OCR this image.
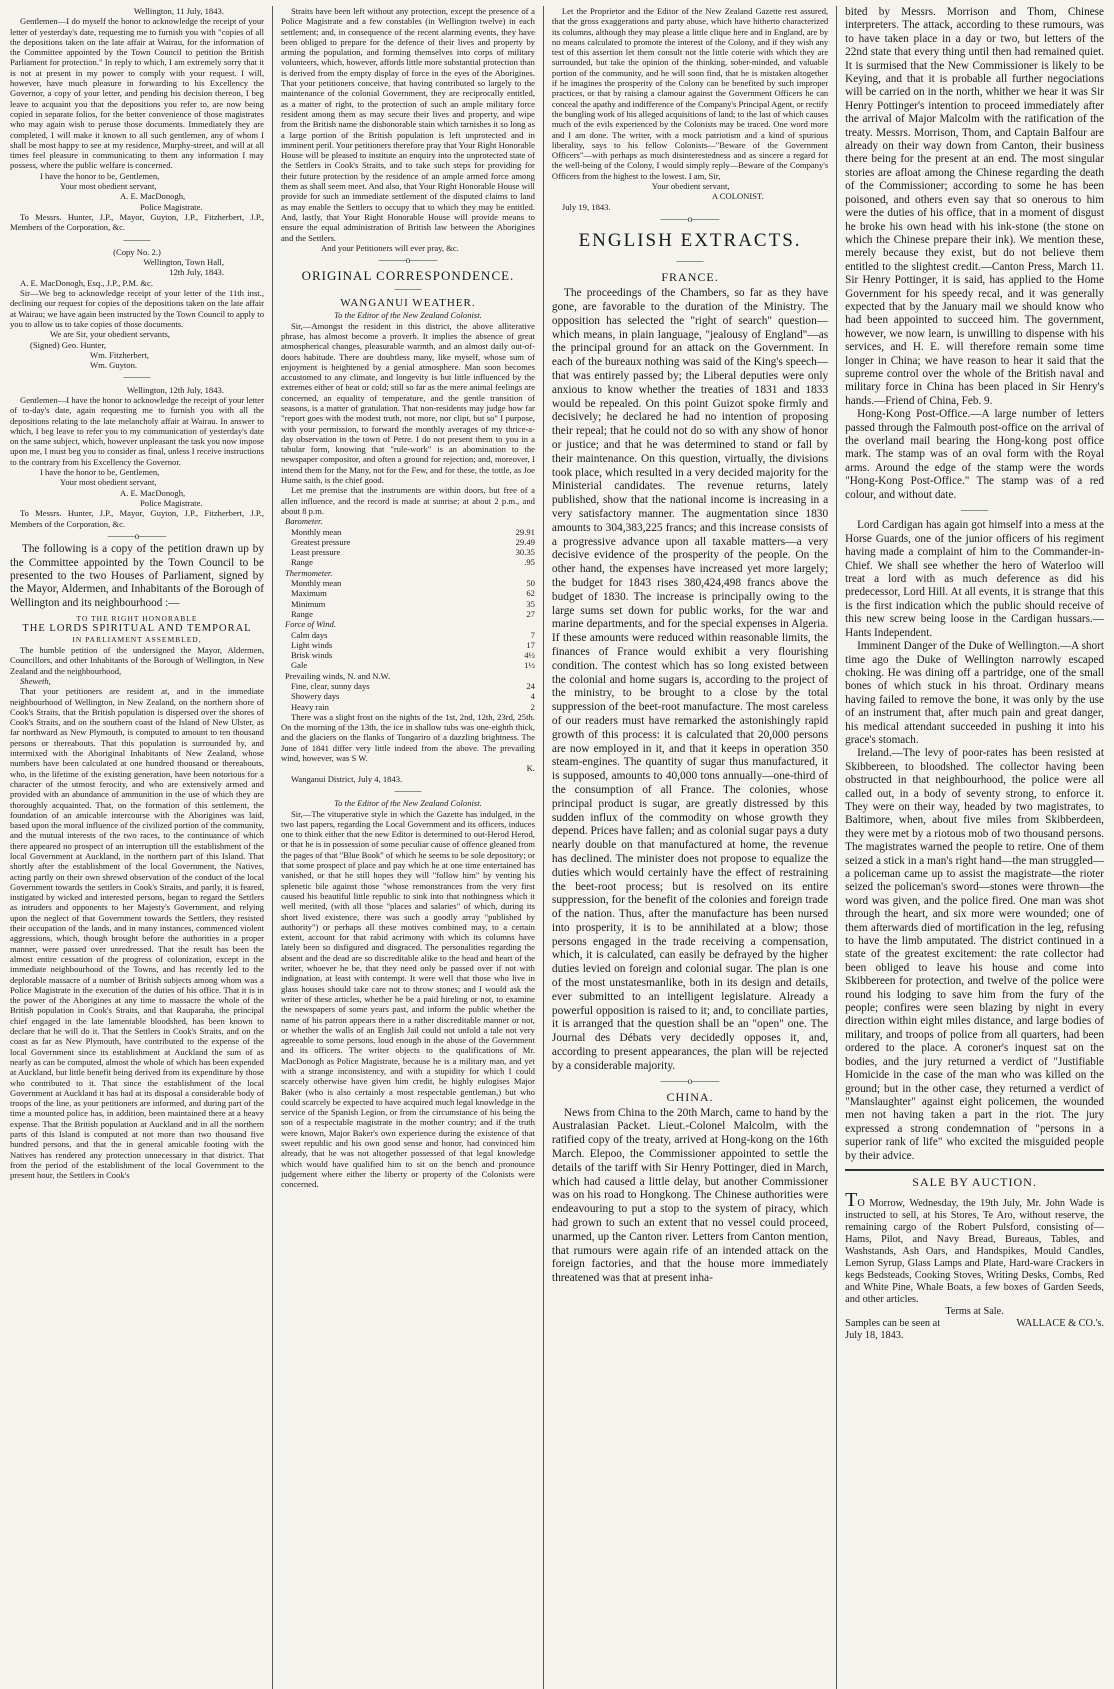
Wellington, 11 July, 1843.

Gentlemen—I do myself the honor to acknowledge the receipt of your letter of yesterday's date, requesting me to furnish you with "copies of all the depositions taken on the late affair at Wairau, for the information of the Committee appointed by the Town Council to petition the British Parliament for protection." In reply to which, I am extremely sorry that it is not at present in my power to comply with your request. I will, however, have much pleasure in forwarding to his Excellency the Governor, a copy of your letter, and pending his decision thereon, I beg leave to acquaint you that the depositions you refer to, are now being copied in separate folios, for the better convenience of those magistrates who may again wish to peruse those documents. Immediately they are completed, I will make it known to all such gentlemen, any of whom I shall be most happy to see at my residence, Murphy-street, and will at all times feel pleasure in communicating to them any information I may possess, where the public welfare is concerned.

I have the honor to be, Gentlemen,

Your most obedient servant,

A. E. MacDonogh,

Police Magistrate.

To Messrs. Hunter, J.P., Mayor, Guyton, J.P., Fitzherbert, J.P., Members of the Corporation, &c.

———

(Copy No. 2.)

Wellington, Town Hall,

12th July, 1843.

A. E. MacDonogh, Esq., J.P., P.M. &c.

Sir—We beg to acknowledge receipt of your letter of the 11th inst., declining our request for copies of the depositions taken on the late affair at Wairau; we have again been instructed by the Town Council to apply to you to allow us to take copies of those documents.

We are Sir, your obedient servants,

(Signed) Geo. Hunter,

Wm. Fitzherbert,

Wm. Guyton.

———

Wellington, 12th July, 1843.

Gentlemen—I have the honor to acknowledge the receipt of your letter of to-day's date, again requesting me to furnish you with all the depositions relating to the late melancholy affair at Wairau. In answer to which, I beg leave to refer you to my communication of yesterday's date on the same subject, which, however unpleasant the task you now impose upon me, I must beg you to consider as final, unless I receive instructions to the contrary from his Excellency the Governor.

I have the honor to be, Gentlemen,

Your most obedient servant,

A. E. MacDonogh,

Police Magistrate.

To Messrs. Hunter, J.P., Mayor, Guyton, J.P., Fitzherbert, J.P., Members of the Corporation, &c.

———o———

The following is a copy of the petition drawn up by the Committee appointed by the Town Council to be presented to the two Houses of Parliament, signed by the Mayor, Aldermen, and Inhabitants of the Borough of Wellington and its neighbourhood :—

TO THE RIGHT HONORABLE

THE LORDS SPIRITUAL AND TEMPORAL

IN PARLIAMENT ASSEMBLED,

The humble petition of the undersigned the Mayor, Aldermen, Councillors, and other Inhabitants of the Borough of Wellington, in New Zealand and the neighbourhood,

Sheweth,

That your petitioners are resident at, and in the immediate neighbourhood of Wellington, in New Zealand, on the northern shore of Cook's Straits, that the British population is dispersed over the shores of Cook's Straits, and on the southern coast of the Island of New Ulster, as far northward as New Plymouth, is computed to amount to ten thousand persons or thereabouts. That this population is surrounded by, and intermixed with the Aboriginal Inhabitants of New Zealand, whose numbers have been calculated at one hundred thousand or thereabouts, who, in the lifetime of the existing generation, have been notorious for a character of the utmost ferocity, and who are extensively armed and provided with an abundance of ammunition in the use of which they are thoroughly acquainted. That, on the formation of this settlement, the foundation of an amicable intercourse with the Aborigines was laid, based upon the moral influence of the civilized portion of the community, and the mutual interests of the two races, to the continuance of which there appeared no prospect of an interruption till the establishment of the local Government at Auckland, in the northern part of this Island. That shortly after the establishment of the local Government, the Natives, acting partly on their own shrewd observation of the conduct of the local Government towards the settlers in Cook's Straits, and partly, it is feared, instigated by wicked and interested persons, began to regard the Settlers as intruders and opponents to her Majesty's Government, and relying upon the neglect of that Government towards the Settlers, they resisted their occupation of the lands, and in many instances, commenced violent aggressions, which, though brought before the authorities in a proper manner, were passed over unredressed. That the result has been the almost entire cessation of the progress of colonization, except in the immediate neighbourhood of the Towns, and has recently led to the deplorable massacre of a number of British subjects among whom was a Police Magistrate in the execution of the duties of his office. That it is in the power of the Aborigines at any time to massacre the whole of the British population in Cook's Straits, and that Rauparaha, the principal chief engaged in the late lamentable bloodshed, has been known to declare that he will do it. That the Settlers in Cook's Straits, and on the coast as far as New Plymouth, have contributed to the expense of the local Government since its establishment at Auckland the sum of as nearly as can be computed, almost the whole of which has been expended at Auckland, but little benefit being derived from its expenditure by those who contributed to it. That since the establishment of the local Government at Auckland it has had at its disposal a considerable body of troops of the line, as your petitioners are informed, and during part of the time a mounted police has, in addition, been maintained there at a heavy expense. That the British population at Auckland and in all the northern parts of this Island is computed at not more than two thousand five hundred persons, and that the in general amicable footing with the Natives has rendered any protection unnecessary in that district. That from the period of the establishment of the local Government to the present hour, the Settlers in Cook's

Straits have been left without any protection, except the presence of a Police Magistrate and a few constables (in Wellington twelve) in each settlement; and, in consequence of the recent alarming events, they have been obliged to prepare for the defence of their lives and property by arming the population, and forming themselves into corps of military volunteers, which, however, affords little more substantial protection than is derived from the empty display of force in the eyes of the Aborigines. That your petitioners conceive, that having contributed so largely to the maintenance of the colonial Government, they are reciprocally entitled, as a matter of right, to the protection of such an ample military force resident among them as may secure their lives and property, and wipe from the British name the dishonorable stain which tarnishes it so long as a large portion of the British population is left unprotected and in imminent peril. Your petitioners therefore pray that Your Right Honorable House will be pleased to institute an enquiry into the unprotected state of the Settlers in Cook's Straits, and to take such steps for providing for their future protection by the residence of an ample armed force among them as shall seem meet. And also, that Your Right Honorable House will provide for such an immediate settlement of the disputed claims to land as may enable the Settlers to occupy that to which they may be entitled. And, lastly, that Your Right Honorable House will provide means to ensure the equal administration of British law between the Aborigines and the Settlers.

And your Petitioners will ever pray, &c.

———o———
ORIGINAL CORRESPONDENCE.
———
WANGANUI WEATHER.

To the Editor of the New Zealand Colonist.

Sir,—Amongst the resident in this district, the above alliterative phrase, has almost become a proverb. It implies the absence of great atmospherical changes, pleasurable warmth, and an almost daily out-of-doors habitude. There are doubtless many, like myself, whose sum of enjoyment is heightened by a genial atmosphere. Man soon becomes accustomed to any climate, and longevity is but little influenced by the extremes either of heat or cold; still so far as the mere animal feelings are concerned, an equality of temperature, and the gentle transition of seasons, is a matter of gratulation. That non-residents may judge how far "report goes with the modest truth, not more, nor clipt, but so" I purpose, with your permission, to forward the monthly averages of my thrice-a-day observation in the town of Petre. I do not present them to you in a tabular form, knowing that "rule-work" is an abomination to the newspaper compositor, and often a ground for rejection; and, moreover, I intend them for the Many, not for the Few, and for these, the tottle, as Joe Hume saith, is the chief good.

Let me premise that the instruments are within doors, but free of a allen influence, and the record is made at sunrise; at about 2 p.m., and about 8 p.m.

Barometer.
Monthly mean	29.91
Greatest pressure	29.49
Least pressure	30.35
Range	.95
Thermometer.
Monthly mean	50
Maximum	62
Minimum	35
Range	27
Force of Wind.
Calm days	7
Light winds	17
Brisk winds	4½
Gale	1½
Prevailing winds, N. and N.W.
Fine, clear, sunny days	24
Showery days	4
Heavy rain	2

There was a slight frost on the nights of the 1st, 2nd, 12th, 23rd, 25th. On the morning of the 13th, the ice in shallow tubs was one-eighth thick, and the glaciers on the flanks of Tongariro of a dazzling brightness. The June of 1841 differ very little indeed from the above. The prevailing wind, however, was S W.

K.

Wanganui District, July 4, 1843.

———

To the Editor of the New Zealand Colonist.

Sir,—The vituperative style in which the Gazette has indulged, in the two last papers, regarding the Local Government and its officers, induces one to think either that the new Editor is determined to out-Herod Herod, or that he is in possession of some peculiar cause of offence gleaned from the pages of that "Blue Book" of which he seems to be sole depository; or that some prospect of place and pay which he at one time entertained has vanished, or that he still hopes they will "follow him" by venting his splenetic bile against those "whose remonstrances from the very first caused his beautiful little republic to sink into that nothingness which it well merited, (with all those "places and salaries" of which, during its short lived existence, there was such a goodly array "published by authority") or perhaps all these motives combined may, to a certain extent, account for that rabid acrimony with which its columns have lately been so disfigured and disgraced. The personalities regarding the absent and the dead are so discreditable alike to the head and heart of the writer, whoever he be, that they need only be passed over if not with indignation, at least with contempt. It were well that those who live in glass houses should take care not to throw stones; and I would ask the writer of these articles, whether he be a paid hireling or not, to examine the newspapers of some years past, and inform the public whether the name of his patron appears there in a rather discreditable manner or not, or whether the walls of an English Jail could not unfold a tale not very agreeable to some persons, loud enough in the abuse of the Government and its officers. The writer objects to the qualifications of Mr. MacDonogh as Police Magistrate, because he is a military man, and yet with a strange inconsistency, and with a stupidity for which I could scarcely otherwise have given him credit, he highly eulogises Major Baker (who is also certainly a most respectable gentleman,) but who could scarcely be expected to have acquired much legal knowledge in the service of the Spanish Legion, or from the circumstance of his being the son of a respectable magistrate in the mother country; and if the truth were known, Major Baker's own experience during the existence of that sweet republic and his own good sense and honor, had convinced him already, that he was not altogether possessed of that legal knowledge which would have qualified him to sit on the bench and pronounce judgement where either the liberty or property of the Colonists were concerned.

Let the Proprietor and the Editor of the New Zealand Gazette rest assured, that the gross exaggerations and party abuse, which have hitherto characterized its columns, although they may please a little clique here and in England, are by no means calculated to promote the interest of the Colony, and if they wish any test of this assertion let them consult not the little coterie with which they are surrounded, but take the opinion of the thinking, sober-minded, and valuable portion of the community, and he will soon find, that he is mistaken altogether if he imagines the prosperity of the Colony can be benefited by such improper practices, or that by raising a clamour against the Government Officers he can conceal the apathy and indifference of the Company's Principal Agent, or rectify the bungling work of his alleged acquisitions of land; to the last of which causes much of the evils experienced by the Colonists may be traced. One word more and I am done. The writer, with a mock patriotism and a kind of spurious liberality, says to his fellow Colonists—"Beware of the Government Officers"—with perhaps as much disinterestedness and as sincere a regard for the well-being of the Colony, I would simply reply—Beware of the Company's Officers from the highest to the lowest. I am, Sir,

Your obedient servant,

A COLONIST.

July 19, 1843.

———o———
ENGLISH EXTRACTS.
———
FRANCE.

The proceedings of the Chambers, so far as they have gone, are favorable to the duration of the Ministry. The opposition has selected the "right of search" question—which means, in plain language, "jealousy of England"—as the principal ground for an attack on the Government. In each of the bureaux nothing was said of the King's speech—that was entirely passed by; the Liberal deputies were only anxious to know whether the treaties of 1831 and 1833 would be repealed. On this point Guizot spoke firmly and decisively; he declared he had no intention of proposing their repeal; that he could not do so with any show of honor or justice; and that he was determined to stand or fall by their maintenance. On this question, virtually, the divisions took place, which resulted in a very decided majority for the Ministerial candidates. The revenue returns, lately published, show that the national income is increasing in a very satisfactory manner. The augmentation since 1830 amounts to 304,383,225 francs; and this increase consists of a progressive advance upon all taxable matters—a very decisive evidence of the prosperity of the people. On the other hand, the expenses have increased yet more largely; the budget for 1843 rises 380,424,498 francs above the budget of 1830. The increase is principally owing to the large sums set down for public works, for the war and marine departments, and for the special expenses in Algeria. If these amounts were reduced within reasonable limits, the finances of France would exhibit a very flourishing condition. The contest which has so long existed between the colonial and home sugars is, according to the project of the ministry, to be brought to a close by the total suppression of the beet-root manufacture. The most careless of our readers must have remarked the astonishingly rapid growth of this process: it is calculated that 20,000 persons are now employed in it, and that it keeps in operation 350 steam-engines. The quantity of sugar thus manufactured, it is supposed, amounts to 40,000 tons annually—one-third of the consumption of all France. The colonies, whose principal product is sugar, are greatly distressed by this sudden influx of the commodity on whose growth they depend. Prices have fallen; and as colonial sugar pays a duty nearly double on that manufactured at home, the revenue has declined. The minister does not propose to equalize the duties which would certainly have the effect of restraining the beet-root process; but is resolved on its entire suppression, for the benefit of the colonies and foreign trade of the nation. Thus, after the manufacture has been nursed into prosperity, it is to be annihilated at a blow; those persons engaged in the trade receiving a compensation, which, it is calculated, can easily be defrayed by the higher duties levied on foreign and colonial sugar. The plan is one of the most unstatesmanlike, both in its design and details, ever submitted to an intelligent legislature. Already a powerful opposition is raised to it; and, to conciliate parties, it is arranged that the question shall be an "open" one. The Journal des Débats very decidedly opposes it, and, according to present appearances, the plan will be rejected by a considerable majority.

———o———
CHINA.

News from China to the 20th March, came to hand by the Australasian Packet. Lieut.-Colonel Malcolm, with the ratified copy of the treaty, arrived at Hong-kong on the 16th March. Elepoo, the Commissioner appointed to settle the details of the tariff with Sir Henry Pottinger, died in March, which had caused a little delay, but another Commissioner was on his road to Hongkong. The Chinese authorities were endeavouring to put a stop to the system of piracy, which had grown to such an extent that no vessel could proceed, unarmed, up the Canton river. Letters from Canton mention, that rumours were again rife of an intended attack on the foreign factories, and that the house more immediately threatened was that at present inha-

bited by Messrs. Morrison and Thom, Chinese interpreters. The attack, according to these rumours, was to have taken place in a day or two, but letters of the 22nd state that every thing until then had remained quiet. It is surmised that the New Commissioner is likely to be Keying, and that it is probable all further negociations will be carried on in the north, whither we hear it was Sir Henry Pottinger's intention to proceed immediately after the arrival of Major Malcolm with the ratification of the treaty. Messrs. Morrison, Thom, and Captain Balfour are already on their way down from Canton, their business there being for the present at an end. The most singular stories are afloat among the Chinese regarding the death of the Commissioner; according to some he has been poisoned, and others even say that so onerous to him were the duties of his office, that in a moment of disgust he broke his own head with his ink-stone (the stone on which the Chinese prepare their ink). We mention these, merely because they exist, but do not believe them entitled to the slightest credit.—Canton Press, March 11. Sir Henry Pottinger, it is said, has applied to the Home Government for his speedy recal, and it was generally expected that by the January mail we should know who had been appointed to succeed him. The government, however, we now learn, is unwilling to dispense with his services, and H. E. will therefore remain some time longer in China; we have reason to hear it said that the supreme control over the whole of the British naval and military force in China has been placed in Sir Henry's hands.—Friend of China, Feb. 9.

Hong-Kong Post-Office.—A large number of letters passed through the Falmouth post-office on the arrival of the overland mail bearing the Hong-kong post office mark. The stamp was of an oval form with the Royal arms. Around the edge of the stamp were the words "Hong-Kong Post-Office." The stamp was of a red colour, and without date.

———

Lord Cardigan has again got himself into a mess at the Horse Guards, one of the junior officers of his regiment having made a complaint of him to the Commander-in-Chief. We shall see whether the hero of Waterloo will treat a lord with as much deference as did his predecessor, Lord Hill. At all events, it is strange that this is the first indication which the public should receive of this new screw being loose in the Cardigan hussars.—Hants Independent.

Imminent Danger of the Duke of Wellington.—A short time ago the Duke of Wellington narrowly escaped choking. He was dining off a partridge, one of the small bones of which stuck in his throat. Ordinary means having failed to remove the bone, it was only by the use of an instrument that, after much pain and great danger, his medical attendant succeeded in pushing it into his grace's stomach.

Ireland.—The levy of poor-rates has been resisted at Skibbereen, to bloodshed. The collector having been obstructed in that neighbourhood, the police were all called out, in a body of seventy strong, to enforce it. They were on their way, headed by two magistrates, to Baltimore, when, about five miles from Skibberdeen, they were met by a riotous mob of two thousand persons. The magistrates warned the people to retire. One of them seized a stick in a man's right hand—the man struggled—a policeman came up to assist the magistrate—the rioter seized the policeman's sword—stones were thrown—the word was given, and the police fired. One man was shot through the heart, and six more were wounded; one of them afterwards died of mortification in the leg, refusing to have the limb amputated. The district continued in a state of the greatest excitement: the rate collector had been obliged to leave his house and come into Skibbereen for protection, and twelve of the police were round his lodging to save him from the fury of the people; confires were seen blazing by night in every direction within eight miles distance, and large bodies of military, and troops of police from all quarters, had been ordered to the place. A coroner's inquest sat on the bodies, and the jury returned a verdict of "Justifiable Homicide in the case of the man who was killed on the ground; but in the other case, they returned a verdict of "Manslaughter" against eight policemen, the wounded men not having taken a part in the riot. The jury expressed a strong condemnation of "persons in a superior rank of life" who excited the misguided people by their advice.

SALE BY AUCTION.

TO Morrow, Wednesday, the 19th July, Mr. John Wade is instructed to sell, at his Stores, Te Aro, without reserve, the remaining cargo of the Robert Pulsford, consisting of— Hams, Pilot, and Navy Bread, Bureaus, Tables, and Washstands, Ash Oars, and Handspikes, Mould Candles, Lemon Syrup, Glass Lamps and Plate, Hard-ware Crackers in kegs Bedsteads, Cooking Stoves, Writing Desks, Combs, Red and White Pine, Whale Boats, a few boxes of Garden Seeds, and other articles.

Terms at Sale.

Samples can be seen at	WALLACE & CO.'s.

July 18, 1843.
